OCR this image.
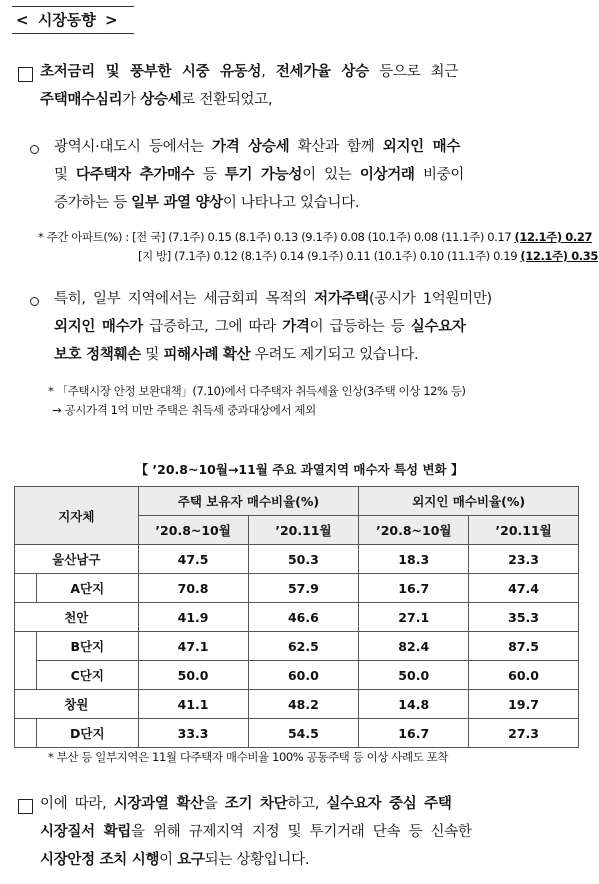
< 시장동향 >
초저금리 및 풍부한 시중 유동성, 전세가율 상승 등으로 최근
주택매수심리가 상승세로 전환되었고,
광역시·대도시 등에서는 가격 상승세 확산과 함께 외지인 매수
및 다주택자 추가매수 등 투기 가능성이 있는 이상거래 비중이
증가하는 등 일부 과열 양상이 나타나고 있습니다.
* 주간 아파트(%) : [전 국] (7.1주) 0.15 (8.1주) 0.13 (9.1주) 0.08 (10.1주) 0.08 (11.1주) 0.17 (12.1주) 0.27
[지 방] (7.1주) 0.12 (8.1주) 0.14 (9.1주) 0.11 (10.1주) 0.10 (11.1주) 0.19 (12.1주) 0.35
특히, 일부 지역에서는 세금회피 목적의 저가주택(공시가 1억원미만)
외지인 매수가 급증하고, 그에 따라 가격이 급등하는 등 실수요자
보호 정책훼손 및 피해사례 확산 우려도 제기되고 있습니다.
* 「주택시장 안정 보완대책」(7.10)에서 다주택자 취득세율 인상(3주택 이상 12% 등)
→ 공시가격 1억 미만 주택은 취득세 중과대상에서 제외
【 ’20.8~10월→11월 주요 과열지역 매수자 특성 변화 】
지자체		주택 보유자 매수비율(%)		외지인 매수비율(%)	
		’20.8~10월	’20.11월	’20.8~10월	’20.11월
울산남구		47.5	50.3	18.3	23.3
	A단지	70.8	57.9	16.7	47.4
천안		41.9	46.6	27.1	35.3
	B단지	47.1	62.5	82.4	87.5
	C단지	50.0	60.0	50.0	60.0
창원		41.1	48.2	14.8	19.7
	D단지	33.3	54.5	16.7	27.3
* 부산 등 일부지역은 11월 다주택자 매수비율 100% 공동주택 등 이상 사례도 포착
이에 따라, 시장과열 확산을 조기 차단하고, 실수요자 중심 주택
시장질서 확립을 위해 규제지역 지정 및 투기거래 단속 등 신속한
시장안정 조치 시행이 요구되는 상황입니다.
